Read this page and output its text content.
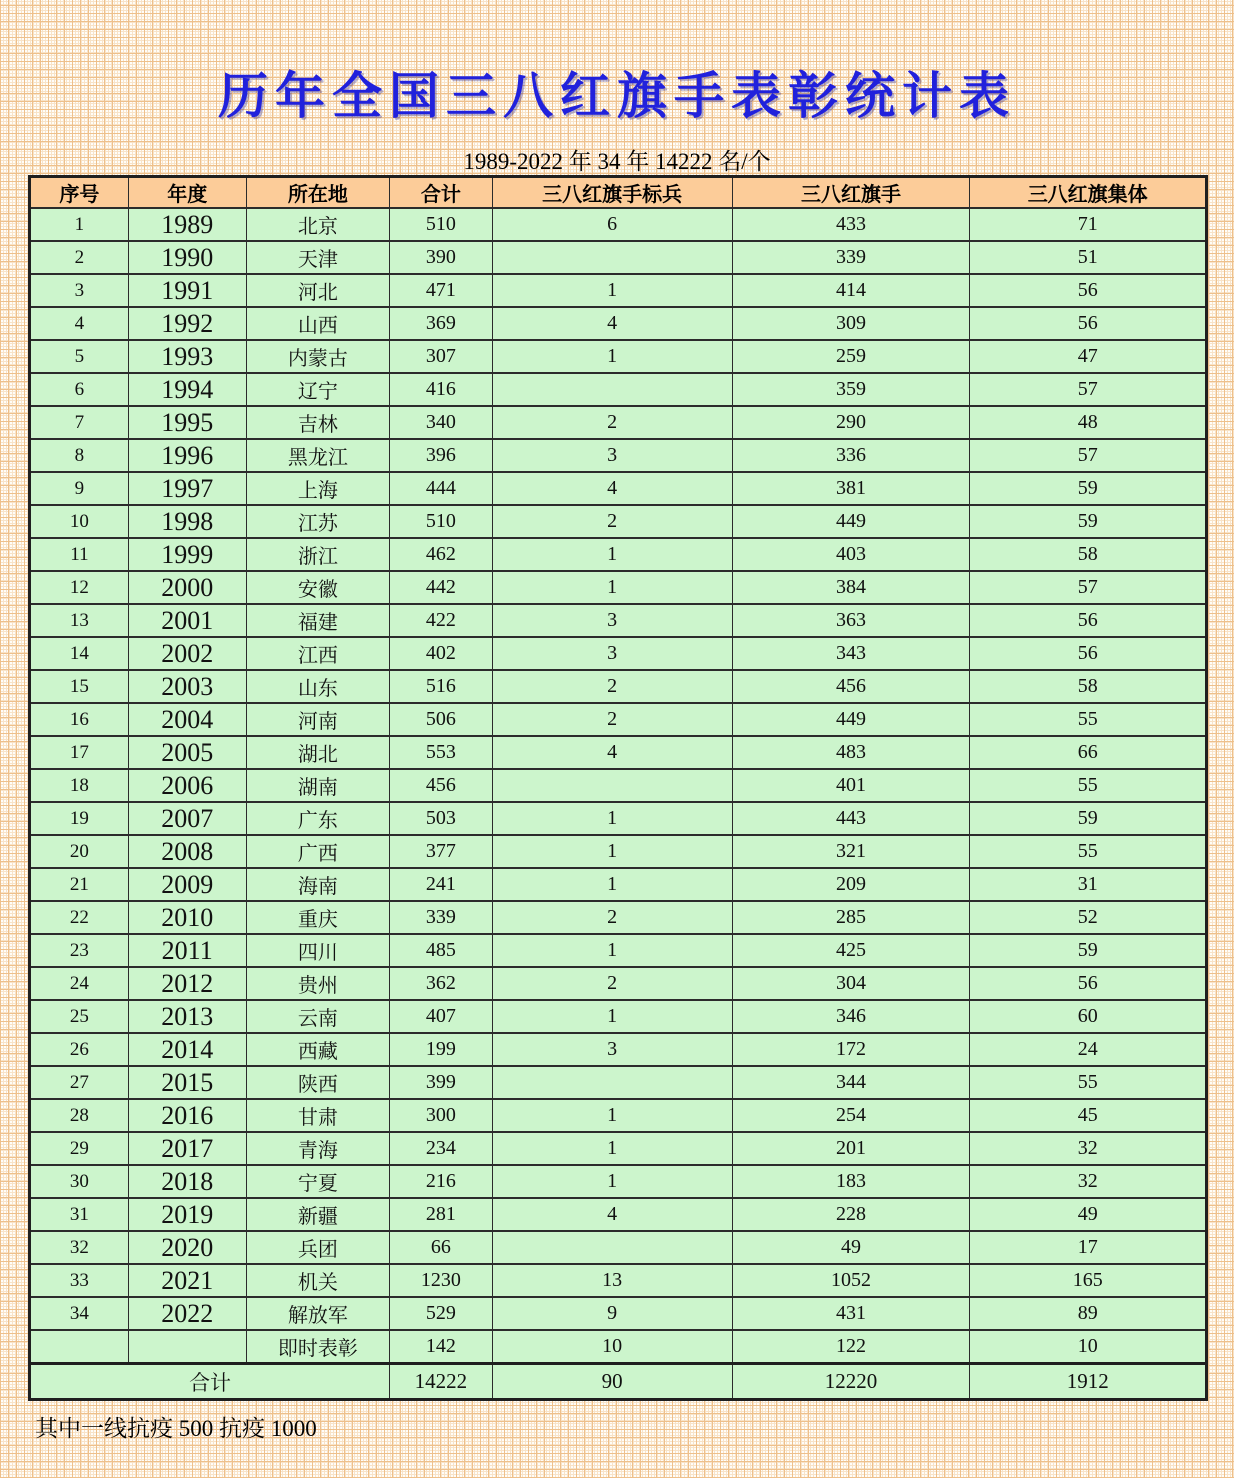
历年全国三八红旗手表彰统计表
1989-2022 年 34 年 14222 名/个
序号	年度	所在地	合计	三八红旗手标兵	三八红旗手	三八红旗集体
1	1989	北京	510	6	433	71
2	1990	天津	390		339	51
3	1991	河北	471	1	414	56
4	1992	山西	369	4	309	56
5	1993	内蒙古	307	1	259	47
6	1994	辽宁	416		359	57
7	1995	吉林	340	2	290	48
8	1996	黑龙江	396	3	336	57
9	1997	上海	444	4	381	59
10	1998	江苏	510	2	449	59
11	1999	浙江	462	1	403	58
12	2000	安徽	442	1	384	57
13	2001	福建	422	3	363	56
14	2002	江西	402	3	343	56
15	2003	山东	516	2	456	58
16	2004	河南	506	2	449	55
17	2005	湖北	553	4	483	66
18	2006	湖南	456		401	55
19	2007	广东	503	1	443	59
20	2008	广西	377	1	321	55
21	2009	海南	241	1	209	31
22	2010	重庆	339	2	285	52
23	2011	四川	485	1	425	59
24	2012	贵州	362	2	304	56
25	2013	云南	407	1	346	60
26	2014	西藏	199	3	172	24
27	2015	陕西	399		344	55
28	2016	甘肃	300	1	254	45
29	2017	青海	234	1	201	32
30	2018	宁夏	216	1	183	32
31	2019	新疆	281	4	228	49
32	2020	兵团	66		49	17
33	2021	机关	1230	13	1052	165
34	2022	解放军	529	9	431	89
		即时表彰	142	10	122	10
合计			14222	90	12220	1912
其中一线抗疫 500 抗疫 1000
